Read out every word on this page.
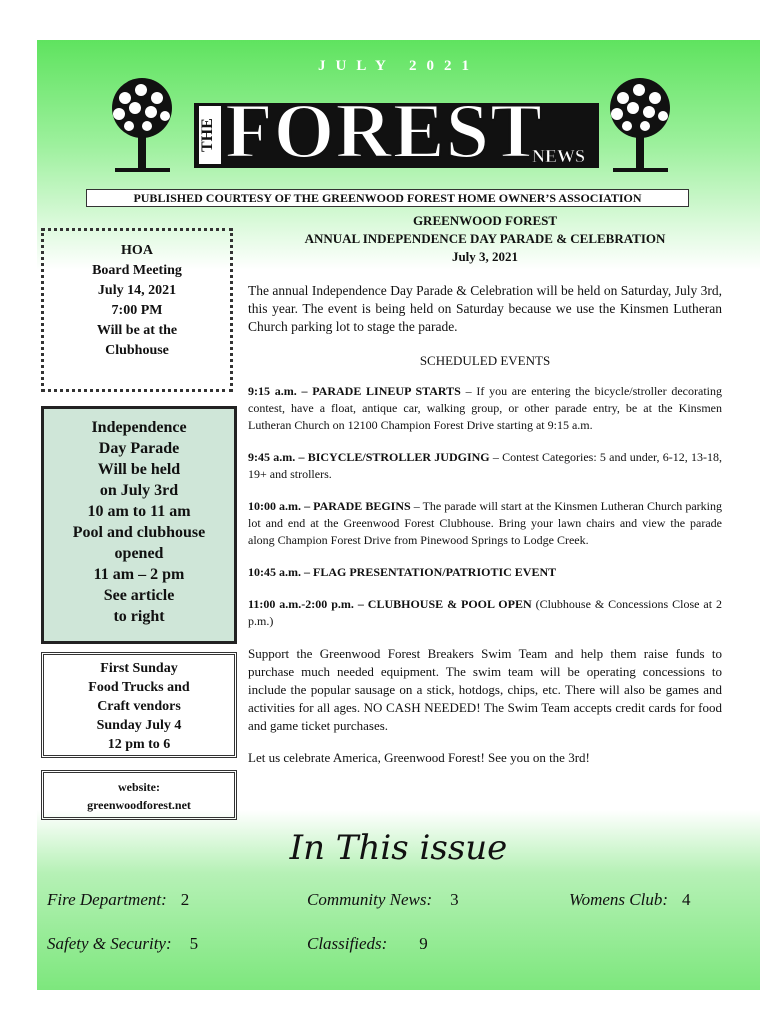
JULY 2021
THE FOREST
NEWS
PUBLISHED COURTESY OF THE GREENWOOD FOREST HOME OWNER’S ASSOCIATION
HOA
Board Meeting
July 14, 2021
7:00 PM
Will be at the
Clubhouse
Independence
Day Parade
Will be held
on July 3rd
10 am to 11 am
Pool and clubhouse
opened
11 am – 2 pm
See article
to right
First Sunday
Food Trucks and
Craft vendors
Sunday July 4
12 pm to 6
website:
greenwoodforest.net
GREENWOOD FOREST
ANNUAL INDEPENDENCE DAY PARADE & CELEBRATION
July 3, 2021

The annual Independence Day Parade & Celebration will be held on Saturday, July 3rd, this year. The event is being held on Saturday because we use the Kinsmen Lutheran Church parking lot to stage the parade.

SCHEDULED EVENTS

9:15 a.m. – PARADE LINEUP STARTS – If you are entering the bicycle/stroller decorating contest, have a float, antique car, walking group, or other parade entry, be at the Kinsmen Lutheran Church on 12100 Champion Forest Drive starting at 9:15 a.m.

9:45 a.m. – BICYCLE/STROLLER JUDGING – Contest Categories: 5 and under, 6-12, 13-18, 19+ and strollers.

10:00 a.m. – PARADE BEGINS – The parade will start at the Kinsmen Lutheran Church parking lot and end at the Greenwood Forest Clubhouse. Bring your lawn chairs and view the parade along Champion Forest Drive from Pinewood Springs to Lodge Creek.

10:45 a.m. – FLAG PRESENTATION/PATRIOTIC EVENT

11:00 a.m.-2:00 p.m. – CLUBHOUSE & POOL OPEN (Clubhouse & Concessions Close at 2 p.m.)

Support the Greenwood Forest Breakers Swim Team and help them raise funds to purchase much needed equipment. The swim team will be operating concessions to include the popular sausage on a stick, hotdogs, chips, etc. There will also be games and activities for all ages. NO CASH NEEDED! The Swim Team accepts credit cards for food and game ticket purchases.

Let us celebrate America, Greenwood Forest! See you on the 3rd!

In This issue
Fire Department: 2	Community News: 3	Womens Club: 4
Safety & Security: 5	Classifieds: 9
